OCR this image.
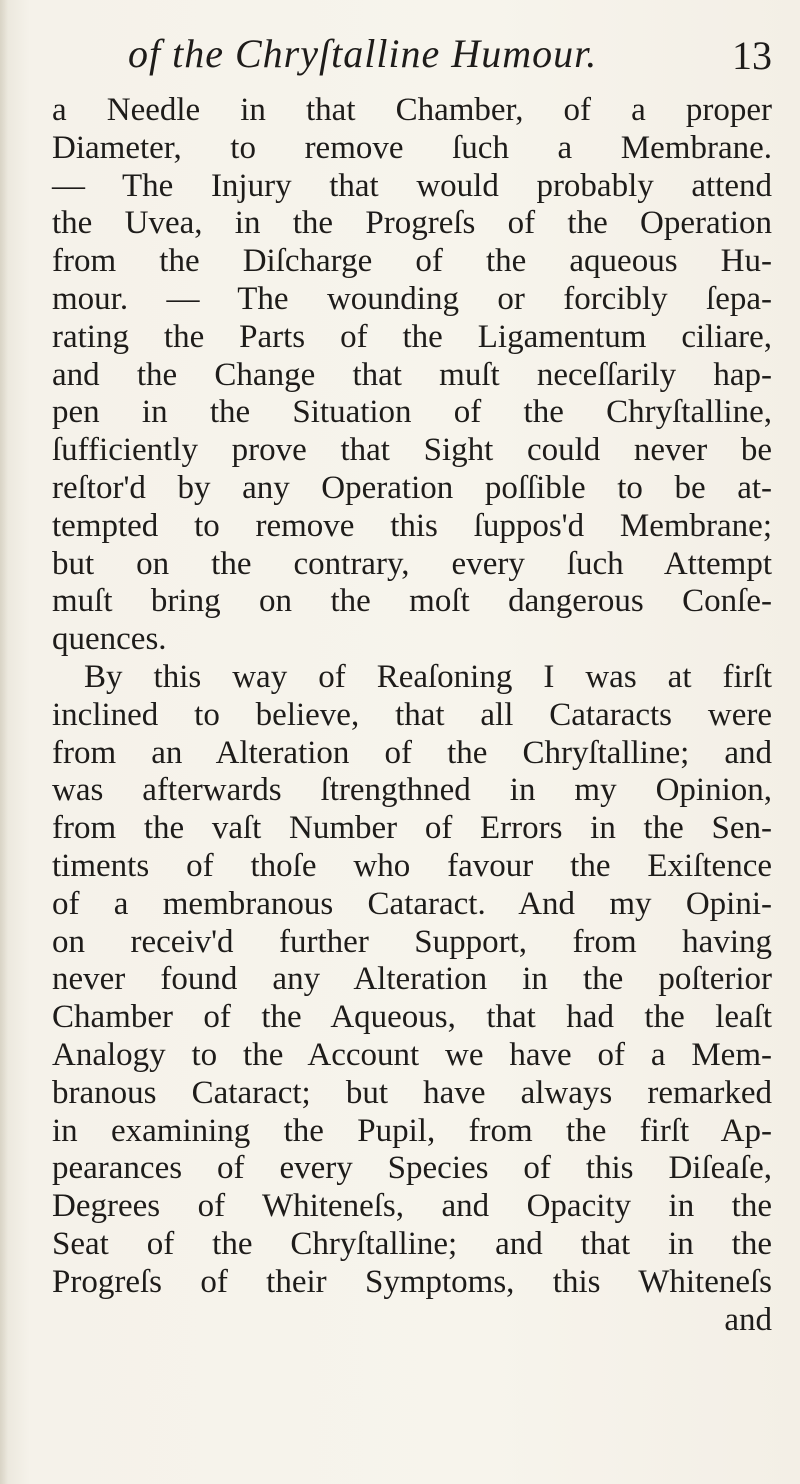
of the Chryſtalline Humour.	13
a Needle in that Chamber, of a proper
Diameter, to remove ſuch a Membrane.
— The Injury that would probably attend
the Uvea, in the Progreſs of the Operation
from the Diſcharge of the aqueous Hu-
mour. — The wounding or forcibly ſepa-
rating the Parts of the Ligamentum ciliare,
and the Change that muſt neceſſarily hap-
pen in the Situation of the Chryſtalline,
ſufficiently prove that Sight could never be
reſtor'd by any Operation poſſible to be at-
tempted to remove this ſuppos'd Membrane;
but on the contrary, every ſuch Attempt
muſt bring on the moſt dangerous Conſe-
quences.
By this way of Reaſoning I was at firſt
inclined to believe, that all Cataracts were
from an Alteration of the Chryſtalline; and
was afterwards ſtrengthned in my Opinion,
from the vaſt Number of Errors in the Sen-
timents of thoſe who favour the Exiſtence
of a membranous Cataract. And my Opini-
on receiv'd further Support, from having
never found any Alteration in the poſterior
Chamber of the Aqueous, that had the leaſt
Analogy to the Account we have of a Mem-
branous Cataract; but have always remarked
in examining the Pupil, from the firſt Ap-
pearances of every Species of this Diſeaſe,
Degrees of Whiteneſs, and Opacity in the
Seat of the Chryſtalline; and that in the
Progreſs of their Symptoms, this Whiteneſs
and
